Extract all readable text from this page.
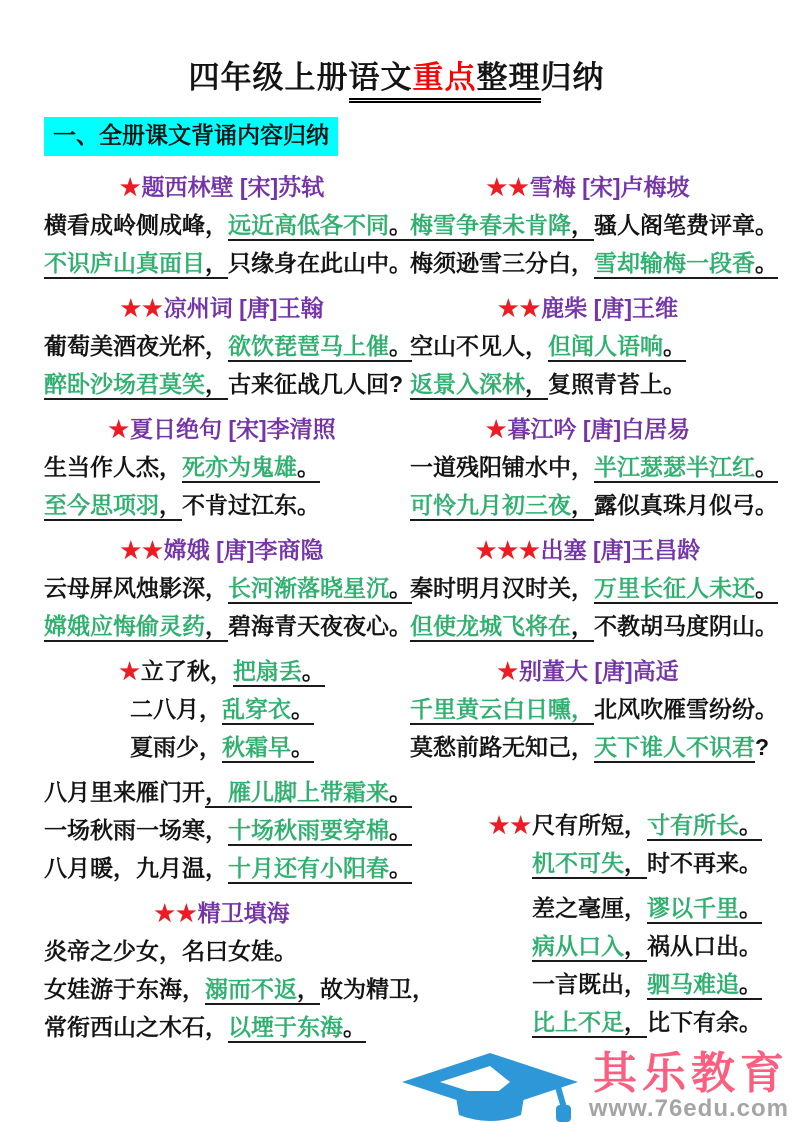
四年级上册语文重点整理归纳
一、全册课文背诵内容归纳
★题西林壁 [宋]苏轼
横看成岭侧成峰，远近高低各不同。
不识庐山真面目，只缘身在此山中。
★★凉州词 [唐]王翰
葡萄美酒夜光杯，欲饮琵琶马上催。
醉卧沙场君莫笑，古来征战几人回?
★夏日绝句 [宋]李清照
生当作人杰，死亦为鬼雄。
至今思项羽，不肯过江东。
★★嫦娥 [唐]李商隐
云母屏风烛影深，长河渐落晓星沉。
嫦娥应悔偷灵药，碧海青天夜夜心。
★立了秋，把扇丢。
二八月，乱穿衣。
夏雨少，秋霜早。
八月里来雁门开，雁儿脚上带霜来。
一场秋雨一场寒，十场秋雨要穿棉。
八月暖，九月温，十月还有小阳春。
★★精卫填海
炎帝之少女，名曰女娃。
女娃游于东海，溺而不返，故为精卫，
常衔西山之木石，以堙于东海。
★★雪梅 [宋]卢梅坡
梅雪争春未肯降，骚人阁笔费评章。
梅须逊雪三分白，雪却输梅一段香。
★★鹿柴 [唐]王维
空山不见人，但闻人语响。
返景入深林，复照青苔上。
★暮江吟 [唐]白居易
一道残阳铺水中，半江瑟瑟半江红。
可怜九月初三夜，露似真珠月似弓。
★★★出塞 [唐]王昌龄
秦时明月汉时关，万里长征人未还。
但使龙城飞将在，不教胡马度阴山。
★别董大 [唐]高适
千里黄云白日曛，北风吹雁雪纷纷。
莫愁前路无知己，天下谁人不识君?
★★尺有所短，寸有所长。
机不可失，时不再来。
差之毫厘，谬以千里。
病从口入，祸从口出。
一言既出，驷马难追。
比上不足，比下有余。
其乐教育
www.76edu.com
